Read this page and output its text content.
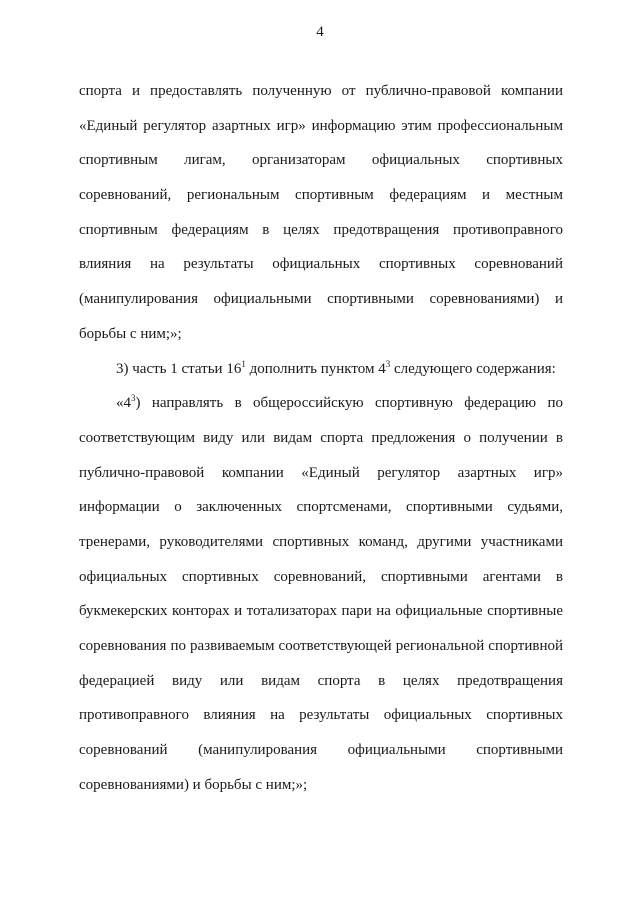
4
спорта и предоставлять полученную от публично-правовой компании
«Единый регулятор азартных игр» информацию этим профессиональным
спортивным лигам, организаторам официальных спортивных
соревнований, региональным спортивным федерациям и местным
спортивным федерациям в целях предотвращения противоправного
влияния на результаты официальных спортивных соревнований
(манипулирования официальными спортивными соревнованиями) и
борьбы с ним;»;
3) часть 1 статьи $16^1$ дополнить пунктом $4^3$ следующего содержания:
«$4^3$) направлять в общероссийскую спортивную федерацию по
соответствующим виду или видам спорта предложения о получении в
публично-правовой компании «Единый регулятор азартных игр»
информации о заключенных спортсменами, спортивными судьями,
тренерами, руководителями спортивных команд, другими участниками
официальных спортивных соревнований, спортивными агентами в
букмекерских конторах и тотализаторах пари на официальные спортивные
соревнования по развиваемым соответствующей региональной спортивной
федерацией виду или видам спорта в целях предотвращения
противоправного влияния на результаты официальных спортивных
соревнований (манипулирования официальными спортивными
соревнованиями) и борьбы с ним;»;
